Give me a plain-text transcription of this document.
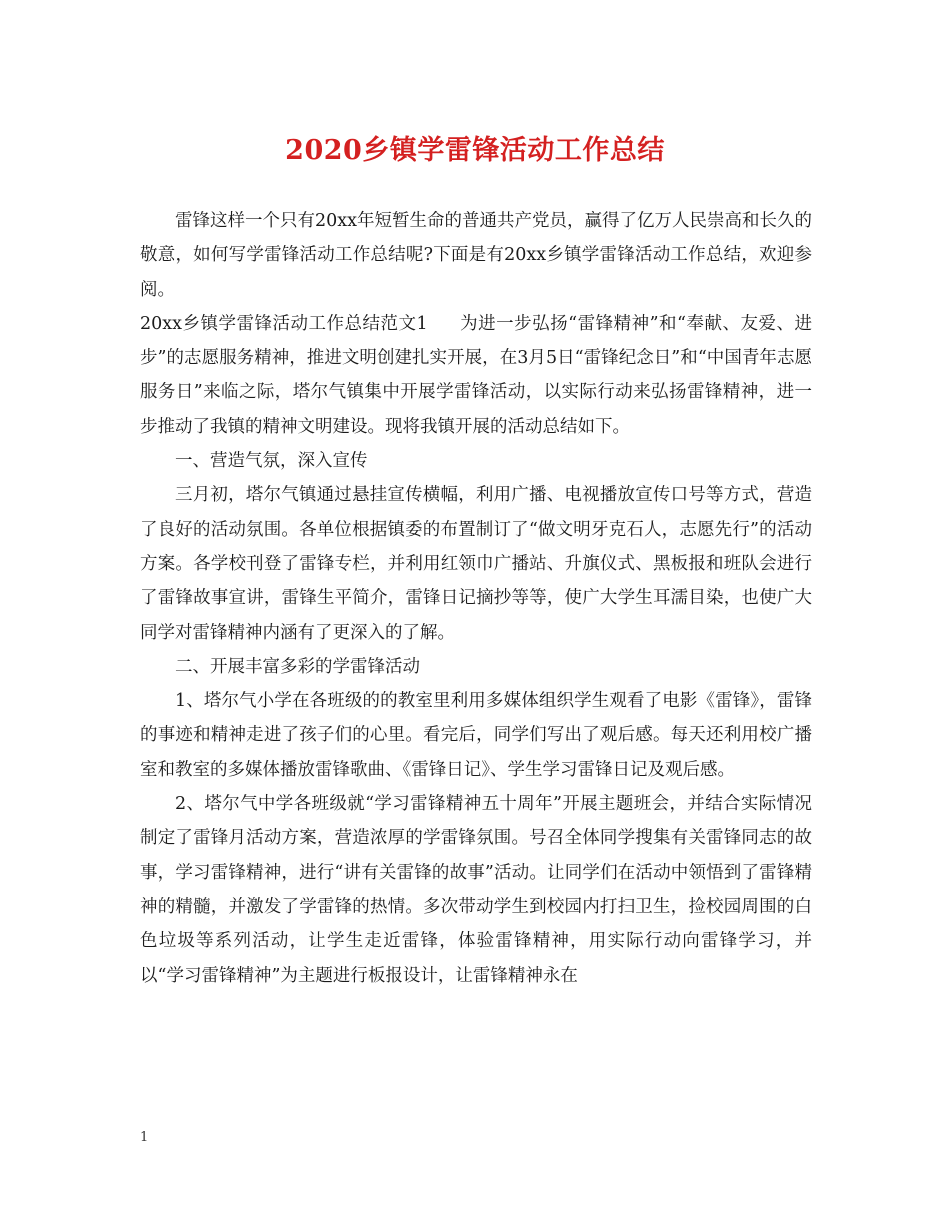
2020乡镇学雷锋活动工作总结

雷锋这样一个只有20xx年短暂生命的普通共产党员，赢得了亿万人民崇高和长久的敬意，如何写学雷锋活动工作总结呢?下面是有20xx乡镇学雷锋活动工作总结，欢迎参阅。

20xx乡镇学雷锋活动工作总结范文1 为进一步弘扬“雷锋精神”和“奉献、友爱、进步”的志愿服务精神，推进文明创建扎实开展，在3月5日“雷锋纪念日”和“中国青年志愿服务日”来临之际，塔尔气镇集中开展学雷锋活动，以实际行动来弘扬雷锋精神，进一步推动了我镇的精神文明建设。现将我镇开展的活动总结如下。

一、营造气氛，深入宣传

三月初，塔尔气镇通过悬挂宣传横幅，利用广播、电视播放宣传口号等方式，营造了良好的活动氛围。各单位根据镇委的布置制订了“做文明牙克石人，志愿先行”的活动方案。各学校刊登了雷锋专栏，并利用红领巾广播站、升旗仪式、黑板报和班队会进行了雷锋故事宣讲，雷锋生平简介，雷锋日记摘抄等等，使广大学生耳濡目染，也使广大同学对雷锋精神内涵有了更深入的了解。

二、开展丰富多彩的学雷锋活动

1、塔尔气小学在各班级的的教室里利用多媒体组织学生观看了电影《雷锋》，雷锋的事迹和精神走进了孩子们的心里。看完后，同学们写出了观后感。每天还利用校广播室和教室的多媒体播放雷锋歌曲、《雷锋日记》、学生学习雷锋日记及观后感。

2、塔尔气中学各班级就“学习雷锋精神五十周年”开展主题班会，并结合实际情况制定了雷锋月活动方案，营造浓厚的学雷锋氛围。号召全体同学搜集有关雷锋同志的故事，学习雷锋精神，进行“讲有关雷锋的故事”活动。让同学们在活动中领悟到了雷锋精神的精髓，并激发了学雷锋的热情。多次带动学生到校园内打扫卫生，捡校园周围的白色垃圾等系列活动，让学生走近雷锋，体验雷锋精神，用实际行动向雷锋学习，并以“学习雷锋精神”为主题进行板报设计，让雷锋精神永在

1
